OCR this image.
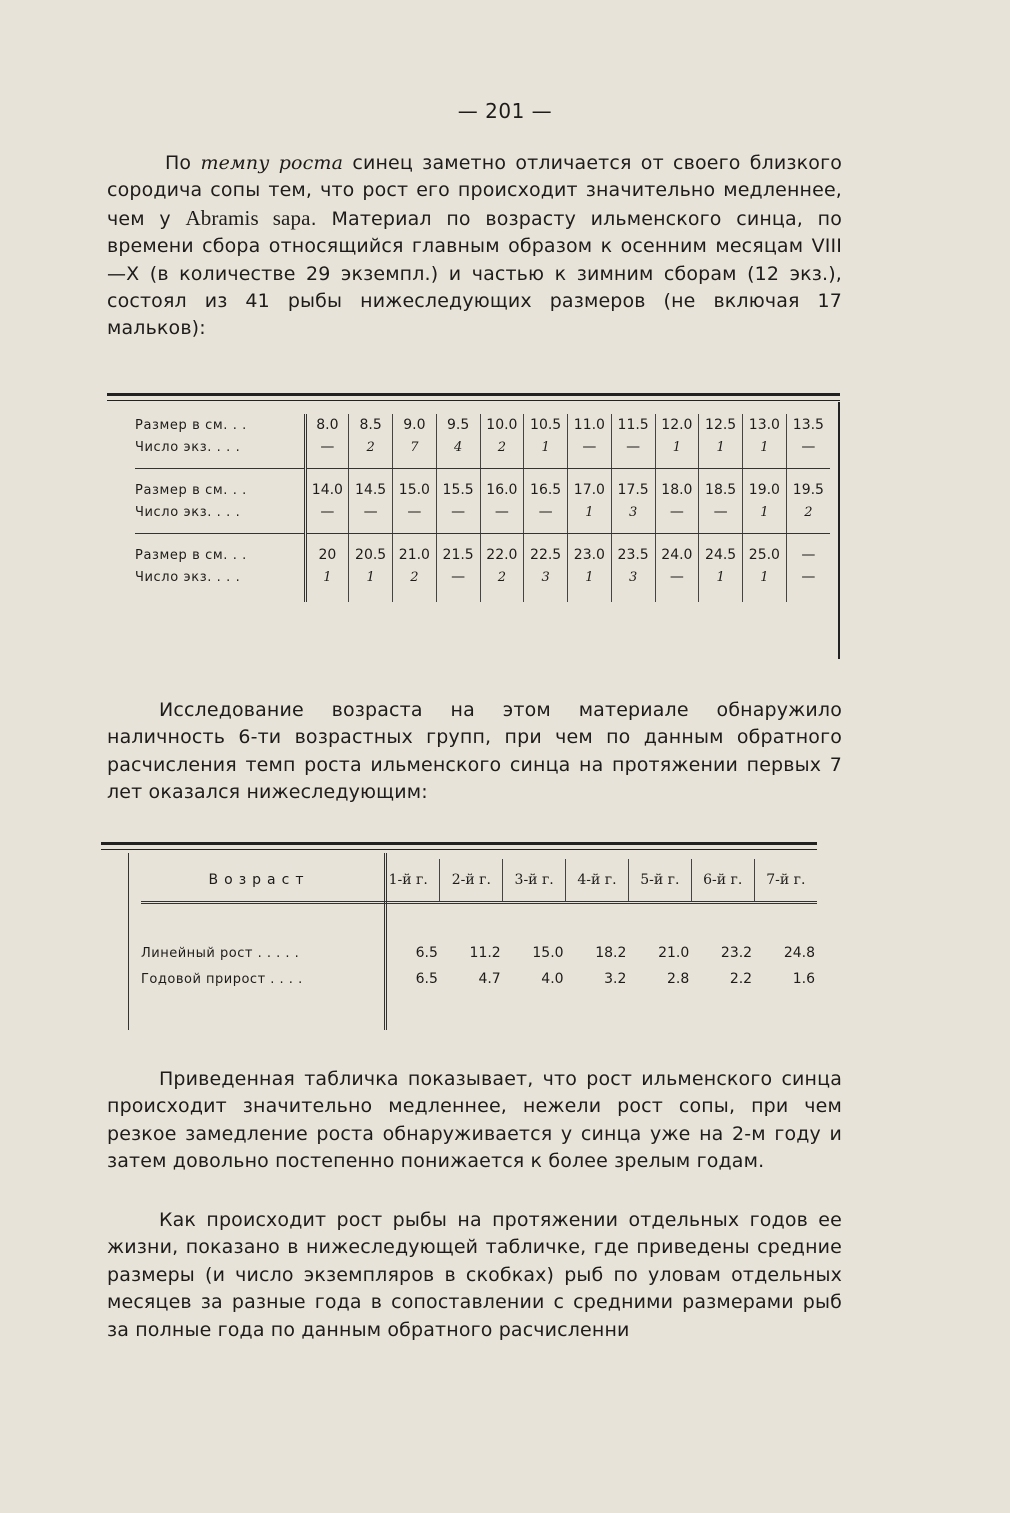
— 201 —

По темпу роста синец заметно отличается от своего близкого сородича сопы тем, что рост его происходит значительно медленнее, чем у Abramis sapa. Материал по возрасту ильменского синца, по времени сбора относящийся главным образом к осенним месяцам VIII—X (в количестве 29 экземпл.) и частью к зимним сборам (12 экз.), состоял из 41 рыбы нижеследующих размеров (не включая 17 мальков):

Размер в см. . .	8.0	8.5	9.0	9.5	10.0	10.5	11.0	11.5	12.0	12.5	13.0	13.5
Число экз. . . .	—	2	7	4	2	1	—	—	1	1	1	—

Размер в см. . .	14.0	14.5	15.0	15.5	16.0	16.5	17.0	17.5	18.0	18.5	19.0	19.5
Число экз. . . .	—	—	—	—	—	—	1	3	—	—	1	2

Размер в см. . .	20	20.5	21.0	21.5	22.0	22.5	23.0	23.5	24.0	24.5	25.0	—
Число экз. . . .	1	1	2	—	2	3	1	3	—	1	1	—

Исследование возраста на этом материале обнаружило наличность 6-ти возрастных групп, при чем по данным обратного расчисления темп роста ильменского синца на протяжении первых 7 лет оказался нижеследующим:

Возраст	1-й г.	2-й г.	3-й г.	4-й г.	5-й г.	6-й г.	7-й г.

Линейный рост . . . . .	6.5	11.2	15.0	18.2	21.0	23.2	24.8
Годовой прирост . . . .	6.5	4.7	4.0	3.2	2.8	2.2	1.6

Приведенная табличка показывает, что рост ильменского синца происходит значительно медленнее, нежели рост сопы, при чем резкое замедление роста обнаруживается у синца уже на 2-м году и затем довольно постепенно понижается к более зрелым годам.

Как происходит рост рыбы на протяжении отдельных годов ее жизни, показано в нижеследующей табличке, где приведены средние размеры (и число экземпляров в скобках) рыб по уловам отдельных месяцев за разные года в сопоставлении с средними размерами рыб за полные года по данным обратного расчисленни
